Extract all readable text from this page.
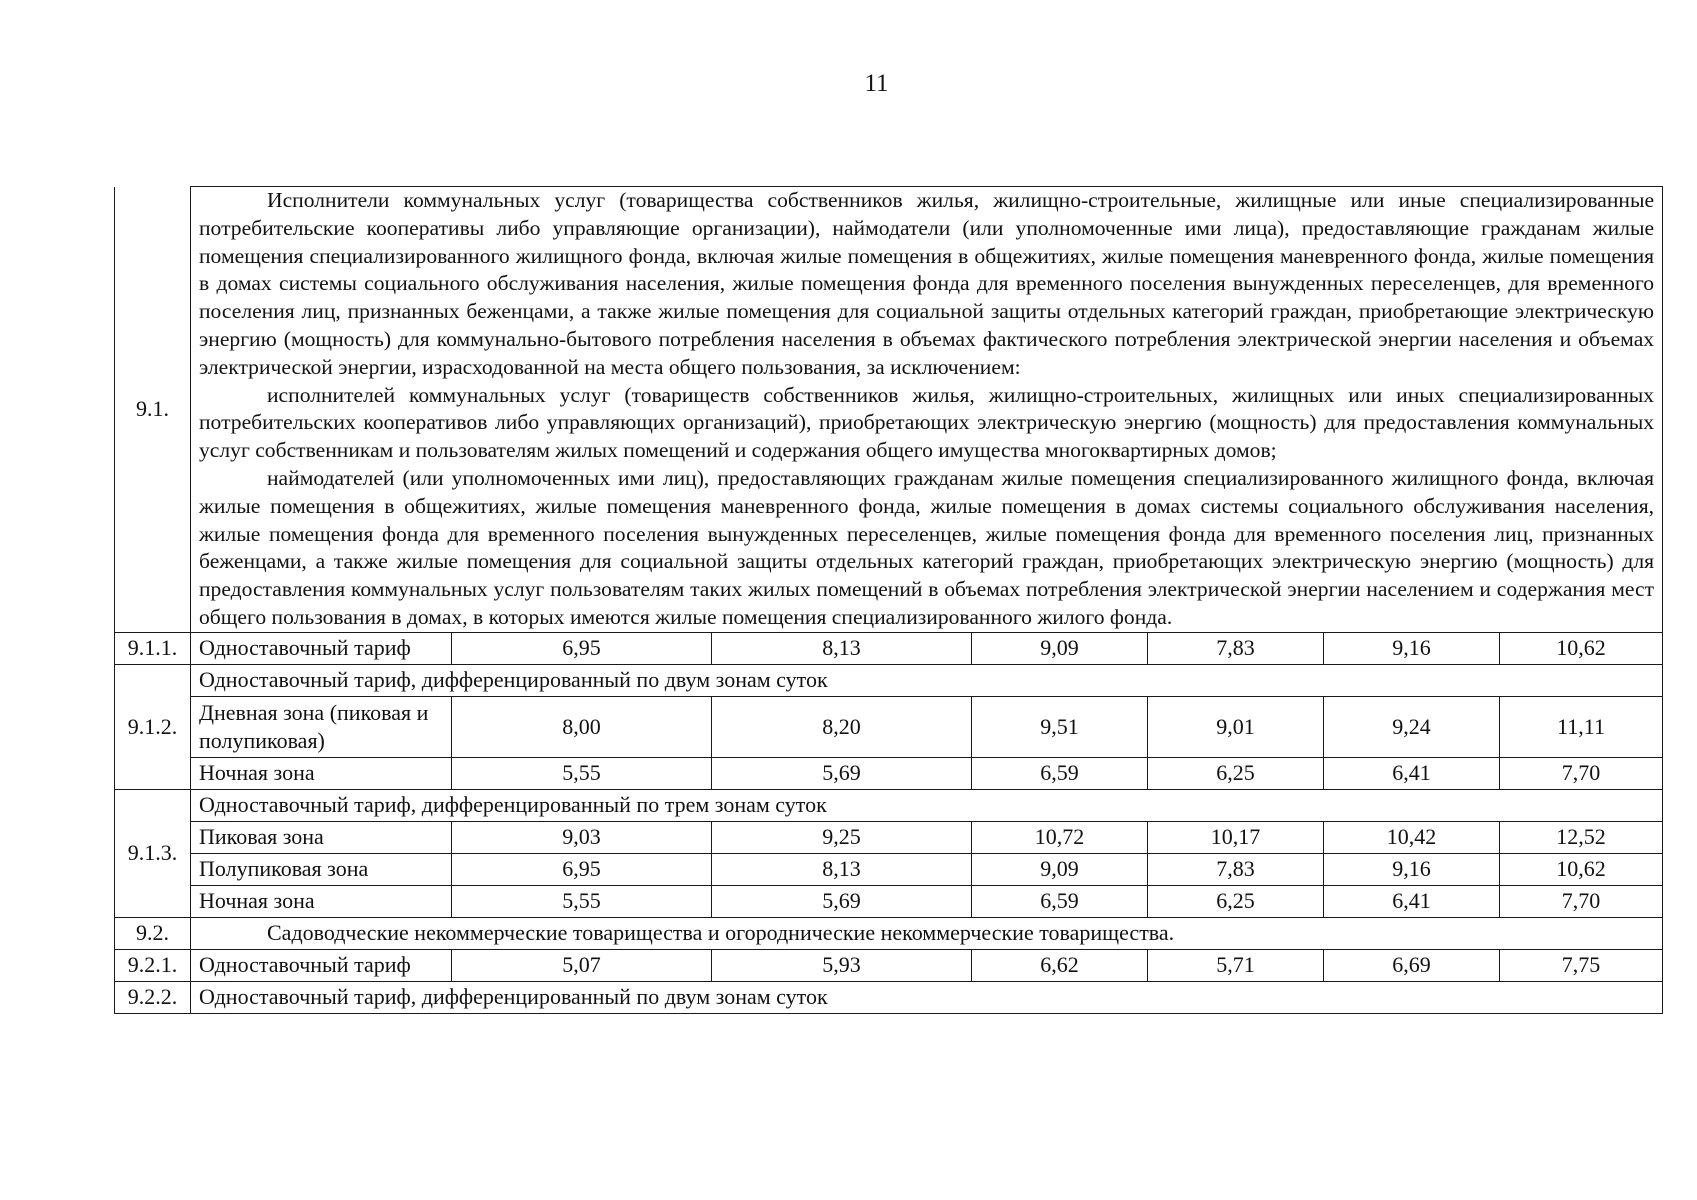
11
9.1.	Исполнители коммунальных услуг (товарищества собственников жилья, жилищно-строительные, жилищные или иные специализированные потребительские кооперативы либо управляющие организации), наймодатели (или уполномоченные ими лица), предоставляющие гражданам жилые помещения специализированного жилищного фонда, включая жилые помещения в общежитиях, жилые помещения маневренного фонда, жилые помещения в домах системы социального обслуживания населения, жилые помещения фонда для временного поселения вынужденных переселенцев, для временного поселения лиц, признанных беженцами, а также жилые помещения для социальной защиты отдельных категорий граждан, приобретающие электрическую энергию (мощность) для коммунально-бытового потребления населения в объемах фактического потребления электрической энергии населения и объемах электрической энергии, израсходованной на места общего пользования, за исключением:

исполнителей коммунальных услуг (товариществ собственников жилья, жилищно-строительных, жилищных или иных специализированных потребительских кооперативов либо управляющих организаций), приобретающих электрическую энергию (мощность) для предоставления коммунальных услуг собственникам и пользователям жилых помещений и содержания общего имущества многоквартирных домов;

наймодателей (или уполномоченных ими лиц), предоставляющих гражданам жилые помещения специализированного жилищного фонда, включая жилые помещения в общежитиях, жилые помещения маневренного фонда, жилые помещения в домах системы социального обслуживания населения, жилые помещения фонда для временного поселения вынужденных переселенцев, жилые помещения фонда для временного поселения лиц, признанных беженцами, а также жилые помещения для социальной защиты отдельных категорий граждан, приобретающих электрическую энергию (мощность) для предоставления коммунальных услуг пользователям таких жилых помещений в объемах потребления электрической энергии населением и содержания мест общего пользования в домах, в которых имеются жилые помещения специализированного жилого фонда.						

9.1.1.	Одноставочный тариф	6,95	8,13	9,09	7,83	9,16	10,62
9.1.2.	Одноставочный тариф, дифференцированный по двум зонам суток						
	Дневная зона (пиковая и полупиковая)	8,00	8,20	9,51	9,01	9,24	11,11
	Ночная зона	5,55	5,69	6,59	6,25	6,41	7,70
9.1.3.	Одноставочный тариф, дифференцированный по трем зонам суток						
	Пиковая зона	9,03	9,25	10,72	10,17	10,42	12,52
	Полупиковая зона	6,95	8,13	9,09	7,83	9,16	10,62
	Ночная зона	5,55	5,69	6,59	6,25	6,41	7,70
9.2.	Садоводческие некоммерческие товарищества и огороднические некоммерческие товарищества.						
9.2.1.	Одноставочный тариф	5,07	5,93	6,62	5,71	6,69	7,75
9.2.2.	Одноставочный тариф, дифференцированный по двум зонам суток						
